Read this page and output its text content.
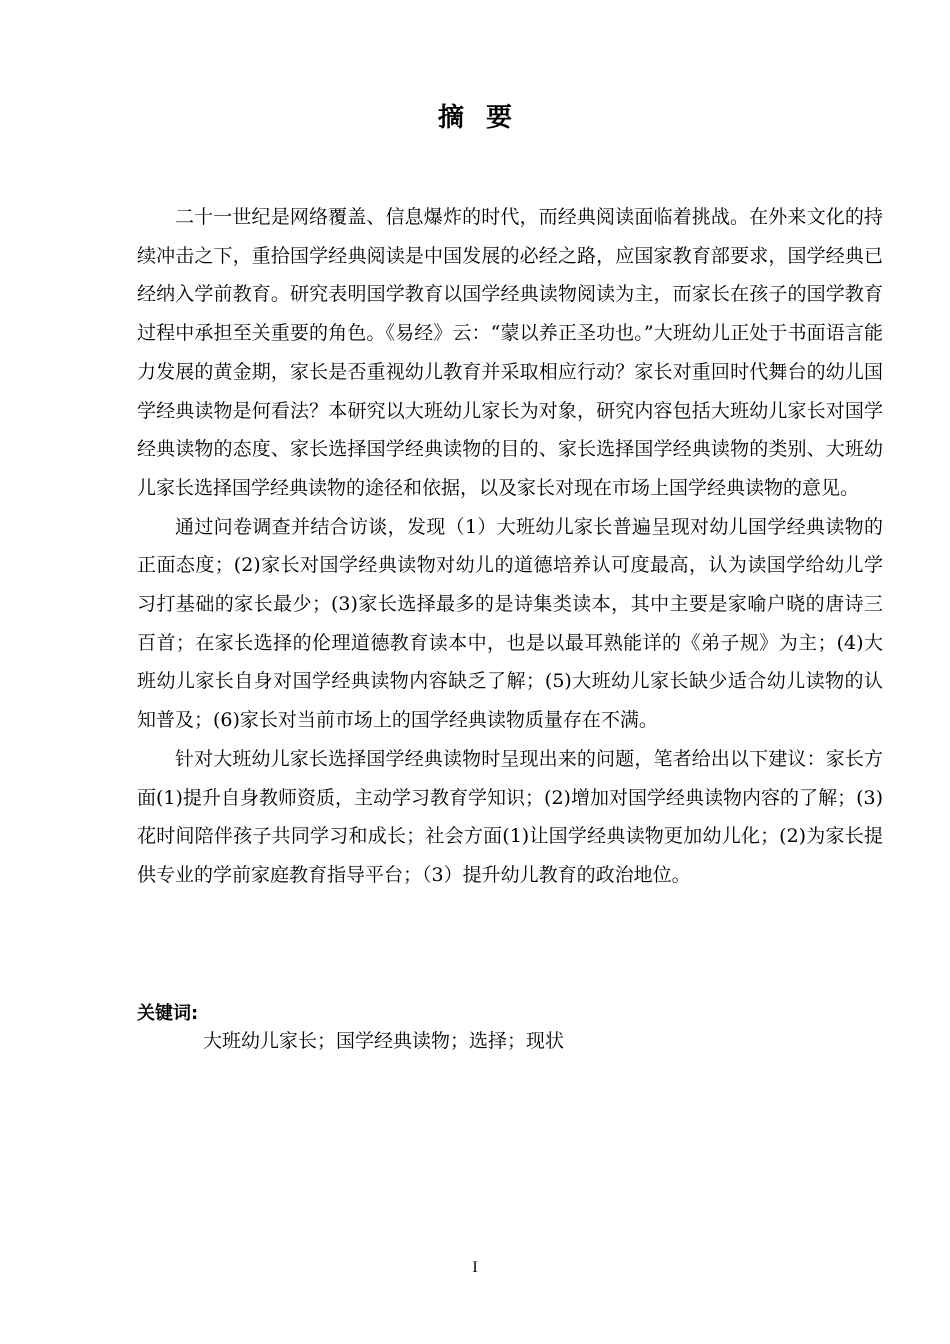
摘要

二十一世纪是网络覆盖、信息爆炸的时代，而经典阅读面临着挑战。在外来文化的持续冲击之下，重拾国学经典阅读是中国发展的必经之路，应国家教育部要求，国学经典已经纳入学前教育。研究表明国学教育以国学经典读物阅读为主，而家长在孩子的国学教育过程中承担至关重要的角色。《易经》云：“蒙以养正圣功也。”大班幼儿正处于书面语言能力发展的黄金期，家长是否重视幼儿教育并采取相应行动？家长对重回时代舞台的幼儿国学经典读物是何看法？本研究以大班幼儿家长为对象，研究内容包括大班幼儿家长对国学经典读物的态度、家长选择国学经典读物的目的、家长选择国学经典读物的类别、大班幼儿家长选择国学经典读物的途径和依据，以及家长对现在市场上国学经典读物的意见。

通过问卷调查并结合访谈，发现（1）大班幼儿家长普遍呈现对幼儿国学经典读物的正面态度；(2)家长对国学经典读物对幼儿的道德培养认可度最高，认为读国学给幼儿学习打基础的家长最少；(3)家长选择最多的是诗集类读本，其中主要是家喻户晓的唐诗三百首；在家长选择的伦理道德教育读本中，也是以最耳熟能详的《弟子规》为主；(4)大班幼儿家长自身对国学经典读物内容缺乏了解；(5)大班幼儿家长缺少适合幼儿读物的认知普及；(6)家长对当前市场上的国学经典读物质量存在不满。

针对大班幼儿家长选择国学经典读物时呈现出来的问题，笔者给出以下建议：家长方面(1)提升自身教师资质，主动学习教育学知识；(2)增加对国学经典读物内容的了解；(3)花时间陪伴孩子共同学习和成长；社会方面(1)让国学经典读物更加幼儿化；(2)为家长提供专业的学前家庭教育指导平台；（3）提升幼儿教育的政治地位。

关键词:
大班幼儿家长；国学经典读物；选择；现状
I
